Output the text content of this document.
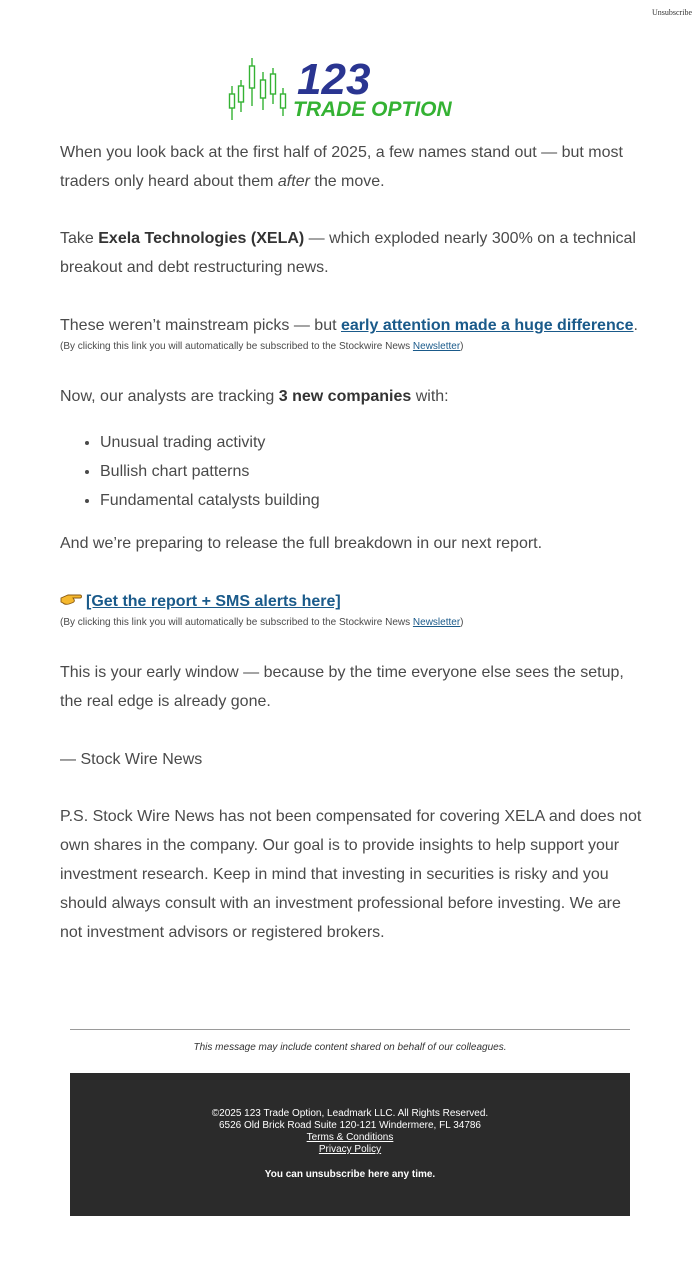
Unsubscribe
123
TRADE OPTION

When you look back at the first half of 2025, a few names stand out — but most traders only heard about them after the move.

Take Exela Technologies (XELA) — which exploded nearly 300% on a technical breakout and debt restructuring news.

These weren’t mainstream picks — but early attention made a huge difference.

(By clicking this link you will automatically be subscribed to the Stockwire News Newsletter)

Now, our analysts are tracking 3 new companies with:

• Unusual trading activity
• Bullish chart patterns
• Fundamental catalysts building

And we’re preparing to release the full breakdown in our next report.

[Get the report + SMS alerts here]

(By clicking this link you will automatically be subscribed to the Stockwire News Newsletter)

This is your early window — because by the time everyone else sees the setup, the real edge is already gone.

— Stock Wire News

P.S. Stock Wire News has not been compensated for covering XELA and does not own shares in the company. Our goal is to provide insights to help support your investment research. Keep in mind that investing in securities is risky and you should always consult with an investment professional before investing. We are not investment advisors or registered brokers.

This message may include content shared on behalf of our colleagues.
©2025 123 Trade Option, Leadmark LLC. All Rights Reserved.
6526 Old Brick Road Suite 120-121 Windermere, FL 34786
Terms & Conditions
Privacy Policy
You can unsubscribe here any time.
